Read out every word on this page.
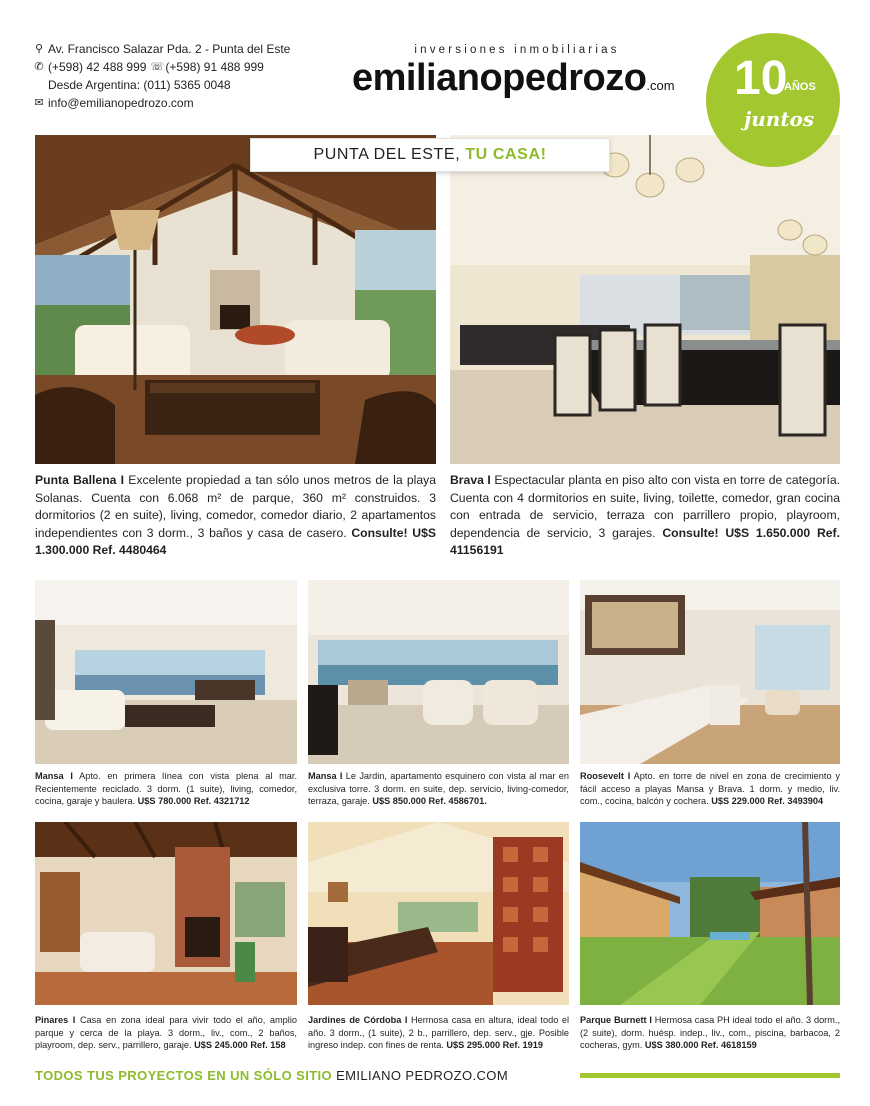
⚲ Av. Francisco Salazar Pda. 2 - Punta del Este
✆ (+598) 42 488 999 ☏ (+598) 91 488 999
Desde Argentina: (011) 5365 0048
✉ info@emilianopedrozo.com
inversiones inmobiliarias
emilianopedrozo.com 10
AÑOS
juntos
PUNTA DEL ESTE, TU CASA!
Punta Ballena I Excelente propiedad a tan sólo unos metros de la playa Solanas. Cuenta con 6.068 m² de parque, 360 m² construidos. 3 dormitorios (2 en suite), living, comedor, comedor diario, 2 apartamentos independientes con 3 dorm., 3 baños y casa de casero. Consulte! U$S 1.300.000 Ref. 4480464
Brava I Espectacular planta en piso alto con vista en torre de categoría. Cuenta con 4 dormitorios en suite, living, toilette, comedor, gran cocina con entrada de servicio, terraza con parrillero propio, playroom, dependencia de servicio, 3 garajes. Consulte! U$S 1.650.000 Ref. 41156191
Mansa I Apto. en primera línea con vista plena al mar. Recientemente reciclado. 3 dorm. (1 suite), living, comedor, cocina, garaje y baulera. U$S 780.000 Ref. 4321712
Mansa I Le Jardin, apartamento esquinero con vista al mar en exclusiva torre. 3 dorm. en suite, dep. servicio, living-comedor, terraza, garaje. U$S 850.000 Ref. 4586701.
Roosevelt I Apto. en torre de nivel en zona de crecimiento y fácil acceso a playas Mansa y Brava. 1 dorm. y medio, liv. com., cocina, balcón y cochera. U$S 229.000 Ref. 3493904
Pinares I Casa en zona ideal para vivir todo el año, amplio parque y cerca de la playa. 3 dorm., liv., com., 2 baños, playroom, dep. serv., parrillero, garaje. U$S 245.000 Ref. 158
Jardines de Córdoba I Hermosa casa en altura, ideal todo el año. 3 dorm., (1 suite), 2 b., parrillero, dep. serv., gje. Posible ingreso indep. con fines de renta. U$S 295.000 Ref. 1919
Parque Burnett I Hermosa casa PH ideal todo el año. 3 dorm., (2 suite), dorm. huésp. indep., liv., com., piscina, barbacoa, 2 cocheras, gym. U$S 380.000 Ref. 4618159
TODOS TUS PROYECTOS EN UN SÓLO SITIO EMILIANO PEDROZO.COM
